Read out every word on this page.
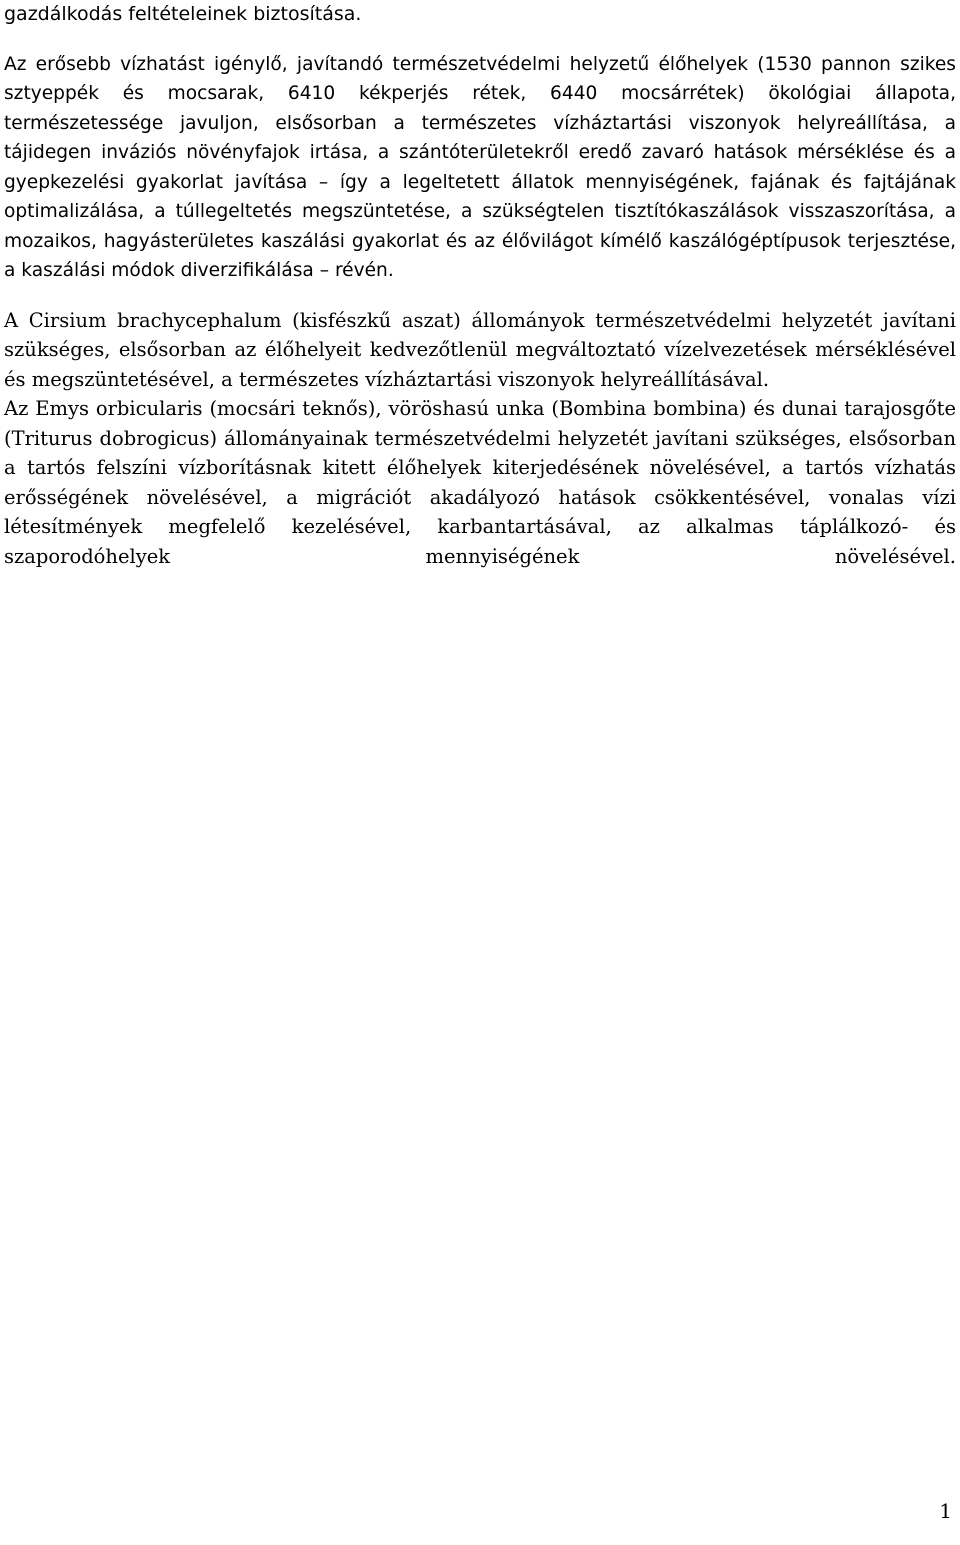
gazdálkodás feltételeinek biztosítása.

Az erősebb vízhatást igénylő, javítandó természetvédelmi helyzetű élőhelyek (1530 pannon szikes sztyeppék és mocsarak, 6410 kékperjés rétek, 6440 mocsárrétek) ökológiai állapota, természetessége javuljon, elsősorban a természetes vízháztartási viszonyok helyreállítása, a tájidegen inváziós növényfajok irtása, a szántóterületekről eredő zavaró hatások mérséklése és a gyepkezelési gyakorlat javítása – így a legeltetett állatok mennyiségének, fajának és fajtájának optimalizálása, a túllegeltetés megszüntetése, a szükségtelen tisztítókaszálások visszaszorítása, a mozaikos, hagyásterületes kaszálási gyakorlat és az élővilágot kímélő kaszálógéptípusok terjesztése, a kaszálási módok diverzifikálása – révén.

A Cirsium brachycephalum (kisfészkű aszat) állományok természetvédelmi helyzetét javítani szükséges, elsősorban az élőhelyeit kedvezőtlenül megváltoztató vízelvezetések mérséklésével és megszüntetésével, a természetes vízháztartási viszonyok helyreállításával.

Az Emys orbicularis (mocsári teknős), vöröshasú unka (Bombina bombina) és dunai tarajosgőte (Triturus dobrogicus) állományainak természetvédelmi helyzetét javítani szükséges, elsősorban a tartós felszíni vízborításnak kitett élőhelyek kiterjedésének növelésével, a tartós vízhatás erősségének növelésével, a migrációt akadályozó hatások csökkentésével, vonalas vízi létesítmények megfelelő kezelésével, karbantartásával, az alkalmas táplálkozó- és szaporodóhelyek mennyiségének növelésével.

1
